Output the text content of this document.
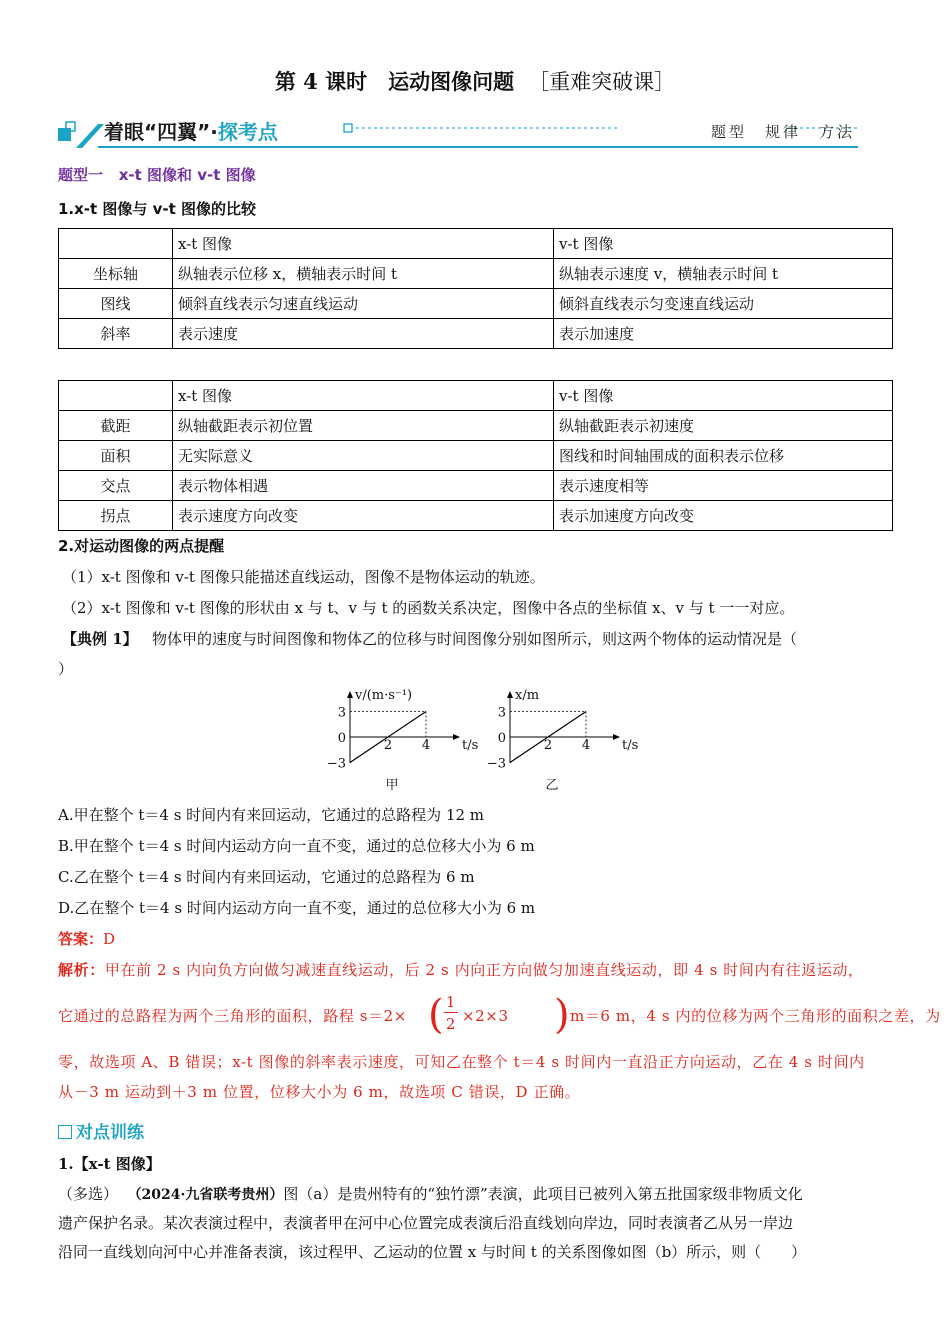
第 4 课时　运动图像问题 ［重难突破课］
着眼“四翼”·探考点	题型　规律　方法
题型一 x-t 图像和 v-t 图像
1.x-t 图像与 v-t 图像的比较
	x-t 图像	v-t 图像
坐标轴	纵轴表示位移 x，横轴表示时间 t	纵轴表示速度 v，横轴表示时间 t
图线	倾斜直线表示匀速直线运动	倾斜直线表示匀变速直线运动
斜率	表示速度	表示加速度
	x-t 图像	v-t 图像
截距	纵轴截距表示初位置	纵轴截距表示初速度
面积	无实际意义	图线和时间轴围成的面积表示位移
交点	表示物体相遇	表示速度相等
拐点	表示速度方向改变	表示加速度方向改变
2.对运动图像的两点提醒
（1）x-t 图像和 v-t 图像只能描述直线运动，图像不是物体运动的轨迹。
（2）x-t 图像和 v-t 图像的形状由 x 与 t、v 与 t 的函数关系决定，图像中各点的坐标值 x、v 与 t 一一对应。
【典例 1】 物体甲的速度与时间图像和物体乙的位移与时间图像分别如图所示，则这两个物体的运动情况是（
）
v/(m·s⁻¹)
t/s
3
0
−3
2 4
甲
x/m
t/s
3
0
−3
2 4
乙
A.甲在整个 t＝4 s 时间内有来回运动，它通过的总路程为 12 m
B.甲在整个 t＝4 s 时间内运动方向一直不变，通过的总位移大小为 6 m
C.乙在整个 t＝4 s 时间内有来回运动，它通过的总路程为 6 m
D.乙在整个 t＝4 s 时间内运动方向一直不变，通过的总位移大小为 6 m
答案：D
解析：甲在前 2 s 内向负方向做匀减速直线运动，后 2 s 内向正方向做匀加速直线运动，即 4 s 时间内有往返运动，
它通过的总路程为两个三角形的面积，路程 s＝2× ( $\frac{1}{2} \times 2\times 3$ ) m＝6 m，4 s 内的位移为两个三角形的面积之差，为
零，故选项 A、B 错误；x-t 图像的斜率表示速度，可知乙在整个 t＝4 s 时间内一直沿正方向运动，乙在 4 s 时间内
从－3 m 运动到＋3 m 位置，位移大小为 6 m，故选项 C 错误，D 正确。
对点训练
1.【x-t 图像】
（多选） （2024·九省联考贵州）图（a）是贵州特有的“独竹漂”表演，此项目已被列入第五批国家级非物质文化
遗产保护名录。某次表演过程中，表演者甲在河中心位置完成表演后沿直线划向岸边，同时表演者乙从另一岸边
沿同一直线划向河中心并准备表演，该过程甲、乙运动的位置 x 与时间 t 的关系图像如图（b）所示，则（　　）
